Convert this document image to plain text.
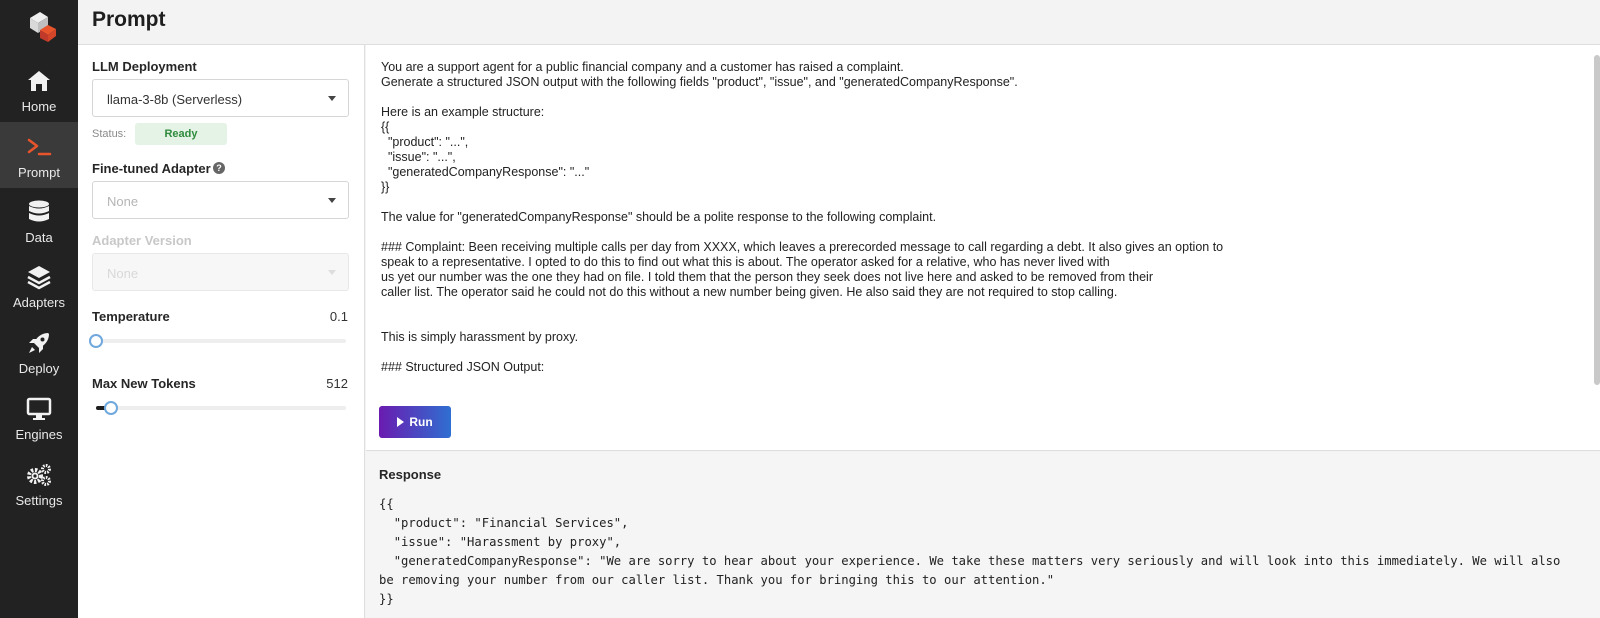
Home
Prompt
Data
Adapters
Deploy
Engines
Settings
Prompt
LLM Deployment
llama-3-8b (Serverless)
Status:	Ready
Fine-tuned Adapter ?
None
Adapter Version
None
Temperature	0.1
Max New Tokens	512
You are a support agent for a public financial company and a customer has raised a complaint.
Generate a structured JSON output with the following fields "product", "issue", and "generatedCompanyResponse".

Here is an example structure:
{{
"product": "...",
"issue": "...",
"generatedCompanyResponse": "..."
}}

The value for "generatedCompanyResponse" should be a polite response to the following complaint.

### Complaint: Been receiving multiple calls per day from XXXX, which leaves a prerecorded message to call regarding a debt. It also gives an option to
speak to a representative. I opted to do this to find out what this is about. The operator asked for a relative, who has never lived with
us yet our number was the one they had on file. I told them that the person they seek does not live here and asked to be removed from their
caller list. The operator said he could not do this without a new number being given. He also said they are not required to stop calling.

This is simply harassment by proxy.

### Structured JSON Output:
Run
Response
{{
"product": "Financial Services",
"issue": "Harassment by proxy",
"generatedCompanyResponse": "We are sorry to hear about your experience. We take these matters very seriously and will look into this immediately. We will also be removing your number from our caller list. Thank you for bringing this to our attention."
}}
